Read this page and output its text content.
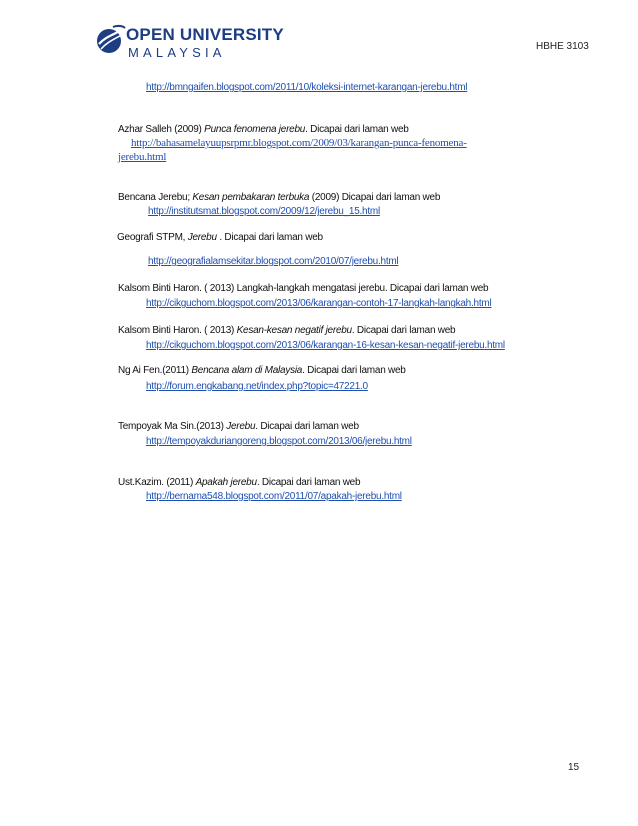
OPEN UNIVERSITY
MALAYSIA	HBHE 3103
http://bmngaifen.blogspot.com/2011/10/koleksi-internet-karangan-jerebu.html
Azhar Salleh (2009) Punca fenomena jerebu. Dicapai dari laman web
http://bahasamelayuupsrpmr.blogspot.com/2009/03/karangan-punca-fenomena-
jerebu.html
Bencana Jerebu; Kesan pembakaran terbuka (2009) Dicapai dari laman web
http://institutsmat.blogspot.com/2009/12/jerebu_15.html
Geografi STPM, Jerebu . Dicapai dari laman web
http://geografialamsekitar.blogspot.com/2010/07/jerebu.html
Kalsom Binti Haron. ( 2013) Langkah-langkah mengatasi jerebu. Dicapai dari laman web
http://cikguchom.blogspot.com/2013/06/karangan-contoh-17-langkah-langkah.html
Kalsom Binti Haron. ( 2013) Kesan-kesan negatif jerebu. Dicapai dari laman web
http://cikguchom.blogspot.com/2013/06/karangan-16-kesan-kesan-negatif-jerebu.html
Ng Ai Fen.(2011) Bencana alam di Malaysia. Dicapai dari laman web
http://forum.engkabang.net/index.php?topic=47221.0
Tempoyak Ma Sin.(2013) Jerebu. Dicapai dari laman web
http://tempoyakduriangoreng.blogspot.com/2013/06/jerebu.html
Ust.Kazim. (2011) Apakah jerebu. Dicapai dari laman web
http://bernama548.blogspot.com/2011/07/apakah-jerebu.html
15
